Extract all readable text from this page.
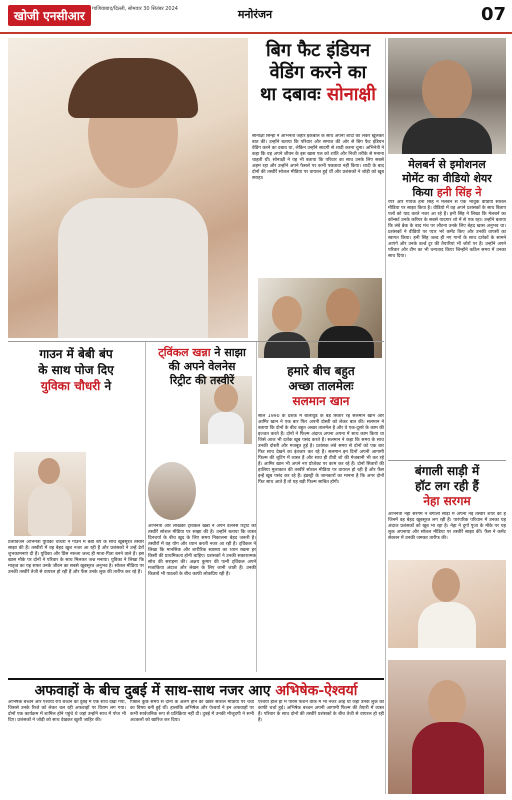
खोजी एनसीआर	गाजियाबाद/दिल्ली, सोमवार 30 सितंबर 2024	मनोरंजन	07
बिग फैट इंडियन
वेडिंग करने का
था दबावः सोनाक्षी
सोनाक्षी सिन्हा ने अभिनेता जहीर इकबाल के साथ अपनी शादी को लेकर खुलकर बात की। उन्होंने बताया कि परिवार और समाज की ओर से बिग फैट इंडियन वेडिंग करने का दबाव था, लेकिन उन्होंने सादगी से शादी करना चुना। अभिनेत्री ने कहा कि वह अपने जीवन के इस खास पल को शांति और निजी तरीके से मनाना चाहती थीं। सोनाक्षी ने यह भी बताया कि परिवार का साथ उनके लिए सबसे अहम रहा और उन्होंने अपने फैसले पर कभी पछतावा नहीं किया। शादी के बाद दोनों की तस्वीरें सोशल मीडिया पर वायरल हुई थीं और प्रशंसकों ने जोड़ी को खूब सराहा।
मेलबर्न से इमोशनल
मोमेंट का वीडियो शेयर
किया हनी सिंह ने
रैपर और गायक हनी सिंह ने मेलबर्न से एक भावुक वीडियो सोशल मीडिया पर साझा किया है। वीडियो में वह अपने प्रशंसकों के साथ बिताए पलों को याद करते नजर आ रहे हैं। हनी सिंह ने लिखा कि मेलबर्न का कॉन्सर्ट उनके करियर के सबसे यादगार शो में से एक रहा। उन्होंने बताया कि लंबे ब्रेक के बाद मंच पर लौटना उनके लिए बेहद खास अनुभव था। प्रशंसकों ने वीडियो पर प्यार भरे कमेंट किए और उनकी वापसी का स्वागत किया। हनी सिंह जल्द ही नए गानों के साथ दर्शकों के सामने आएंगे और उनके वर्ल्ड टूर की तैयारियां भी जोरों पर हैं। उन्होंने अपने परिवार और टीम का भी धन्यवाद किया जिन्होंने कठिन समय में उनका साथ दिया।
गाउन में बेबी बंप
के साथ पोज दिए
युविका चौधरी ने
टेलीविजन अभिनेत्री युविका चौधरी ने गाउन में बेबी बंप के साथ खूबसूरत तस्वीरें साझा की हैं। तस्वीरों में वह बेहद खुश नजर आ रही हैं और प्रशंसकों ने उन्हें ढेरों शुभकामनाएं दी हैं। युविका और प्रिंस नरूला जल्द ही माता-पिता बनने वाले हैं। इस खास मौके पर दोनों ने परिवार के साथ मिलकर जश्न मनाया। युविका ने लिखा कि मातृत्व का यह सफर उनके जीवन का सबसे खूबसूरत अनुभव है। सोशल मीडिया पर उनकी तस्वीरें तेजी से वायरल हो रही हैं और फैंस उनके लुक की तारीफ कर रहे हैं।
ट्विंकल खन्ना ने साझा
की अपने वेलनेस
रिट्रीट की तस्वीरें
अभिनेत्री और लेखिका ट्विंकल खन्ना ने अपने वेलनेस रिट्रीट की तस्वीरें सोशल मीडिया पर साझा की हैं। उन्होंने बताया कि व्यस्त दिनचर्या के बीच खुद के लिए समय निकालना बेहद जरूरी है। तस्वीरों में वह योग और ध्यान करती नजर आ रही हैं। ट्विंकल ने लिखा कि मानसिक और शारीरिक स्वास्थ्य का ध्यान रखना हर किसी की प्राथमिकता होनी चाहिए। प्रशंसकों ने उनकी सकारात्मक सोच की सराहना की। अक्षय कुमार की पत्नी ट्विंकल अपने मजाकिया अंदाज और लेखन के लिए जानी जाती हैं। उनकी किताबें भी पाठकों के बीच काफी लोकप्रिय रही हैं।
हमारे बीच बहुत
अच्छा तालमेलः
सलमान खान
साल 1990 के दशक में बॉलीवुड के बड़े सितारे रहे सलमान खान और आमिर खान ने एक बार फिर अपनी दोस्ती को लेकर बात की। सलमान ने बताया कि दोनों के बीच बहुत अच्छा तालमेल है और वे एक-दूसरे के काम की इज्जत करते हैं। दोनों ने फिल्म अंदाज अपना अपना में साथ काम किया था जिसे आज भी दर्शक खूब पसंद करते हैं। सलमान ने कहा कि समय के साथ उनकी दोस्ती और मजबूत हुई है। प्रशंसक लंबे समय से दोनों को एक बार फिर साथ देखने का इंतजार कर रहे हैं। सलमान इन दिनों अपनी आगामी फिल्म की शूटिंग में व्यस्त हैं और साथ ही टीवी शो की मेजबानी भी कर रहे हैं। आमिर खान भी अपने नए प्रोजेक्ट पर काम कर रहे हैं। दोनों सितारों की हालिया मुलाकात की तस्वीरें सोशल मीडिया पर वायरल हो रही हैं और फैंस इन्हें खूब पसंद कर रहे हैं। इंडस्ट्री के जानकारों का मानना है कि अगर दोनों फिर साथ आते हैं तो यह बड़ी फिल्म साबित होगी।
बंगाली साड़ी में
हॉट लग रही हैं
नेहा सरगम
अभिनेत्री नेहा सरगम ने बंगाली साड़ी में अपनी नई तस्वीरें शेयर की हैं जिनमें वह बेहद खूबसूरत लग रही हैं। पारंपरिक परिधान में उनका यह अंदाज प्रशंसकों को खूब भा रहा है। नेहा ने दुर्गा पूजा के मौके पर यह लुक अपनाया और सोशल मीडिया पर तस्वीरें साझा कीं। फैंस ने कमेंट सेक्शन में उनकी जमकर तारीफ की।
अफवाहों के बीच दुबई में साथ-साथ नजर आए अभिषेक-ऐश्वर्या
अभिषेक बच्चन और ऐश्वर्या राय बच्चन को दुबई में एक साथ देखा गया, जिससे उनके रिश्ते को लेकर चल रही अफवाहों पर विराम लग गया। दोनों एक कार्यक्रम में शामिल होने पहुंचे थे जहां उन्होंने साथ में पोज भी दिए। प्रशंसकों ने जोड़ी को साथ देखकर खुशी जाहिर की।
पिछले कुछ समय से दोनों के अलग होने की खबरें सोशल मीडिया पर चर्चा का विषय बनी हुई थीं। हालांकि अभिषेक और ऐश्वर्या ने इन अफवाहों पर कभी सार्वजनिक रूप से प्रतिक्रिया नहीं दी। दुबई में उनकी मौजूदगी ने सभी अटकलों को खारिज कर दिया।
ऐश्वर्या हाल ही में पेरिस फैशन वीक में भी नजर आई थीं जहां उनके लुक की काफी चर्चा हुई। अभिषेक बच्चन अपनी आगामी फिल्म की तैयारी में व्यस्त हैं। परिवार के साथ दोनों की तस्वीरें प्रशंसकों के बीच तेजी से वायरल हो रही हैं।
